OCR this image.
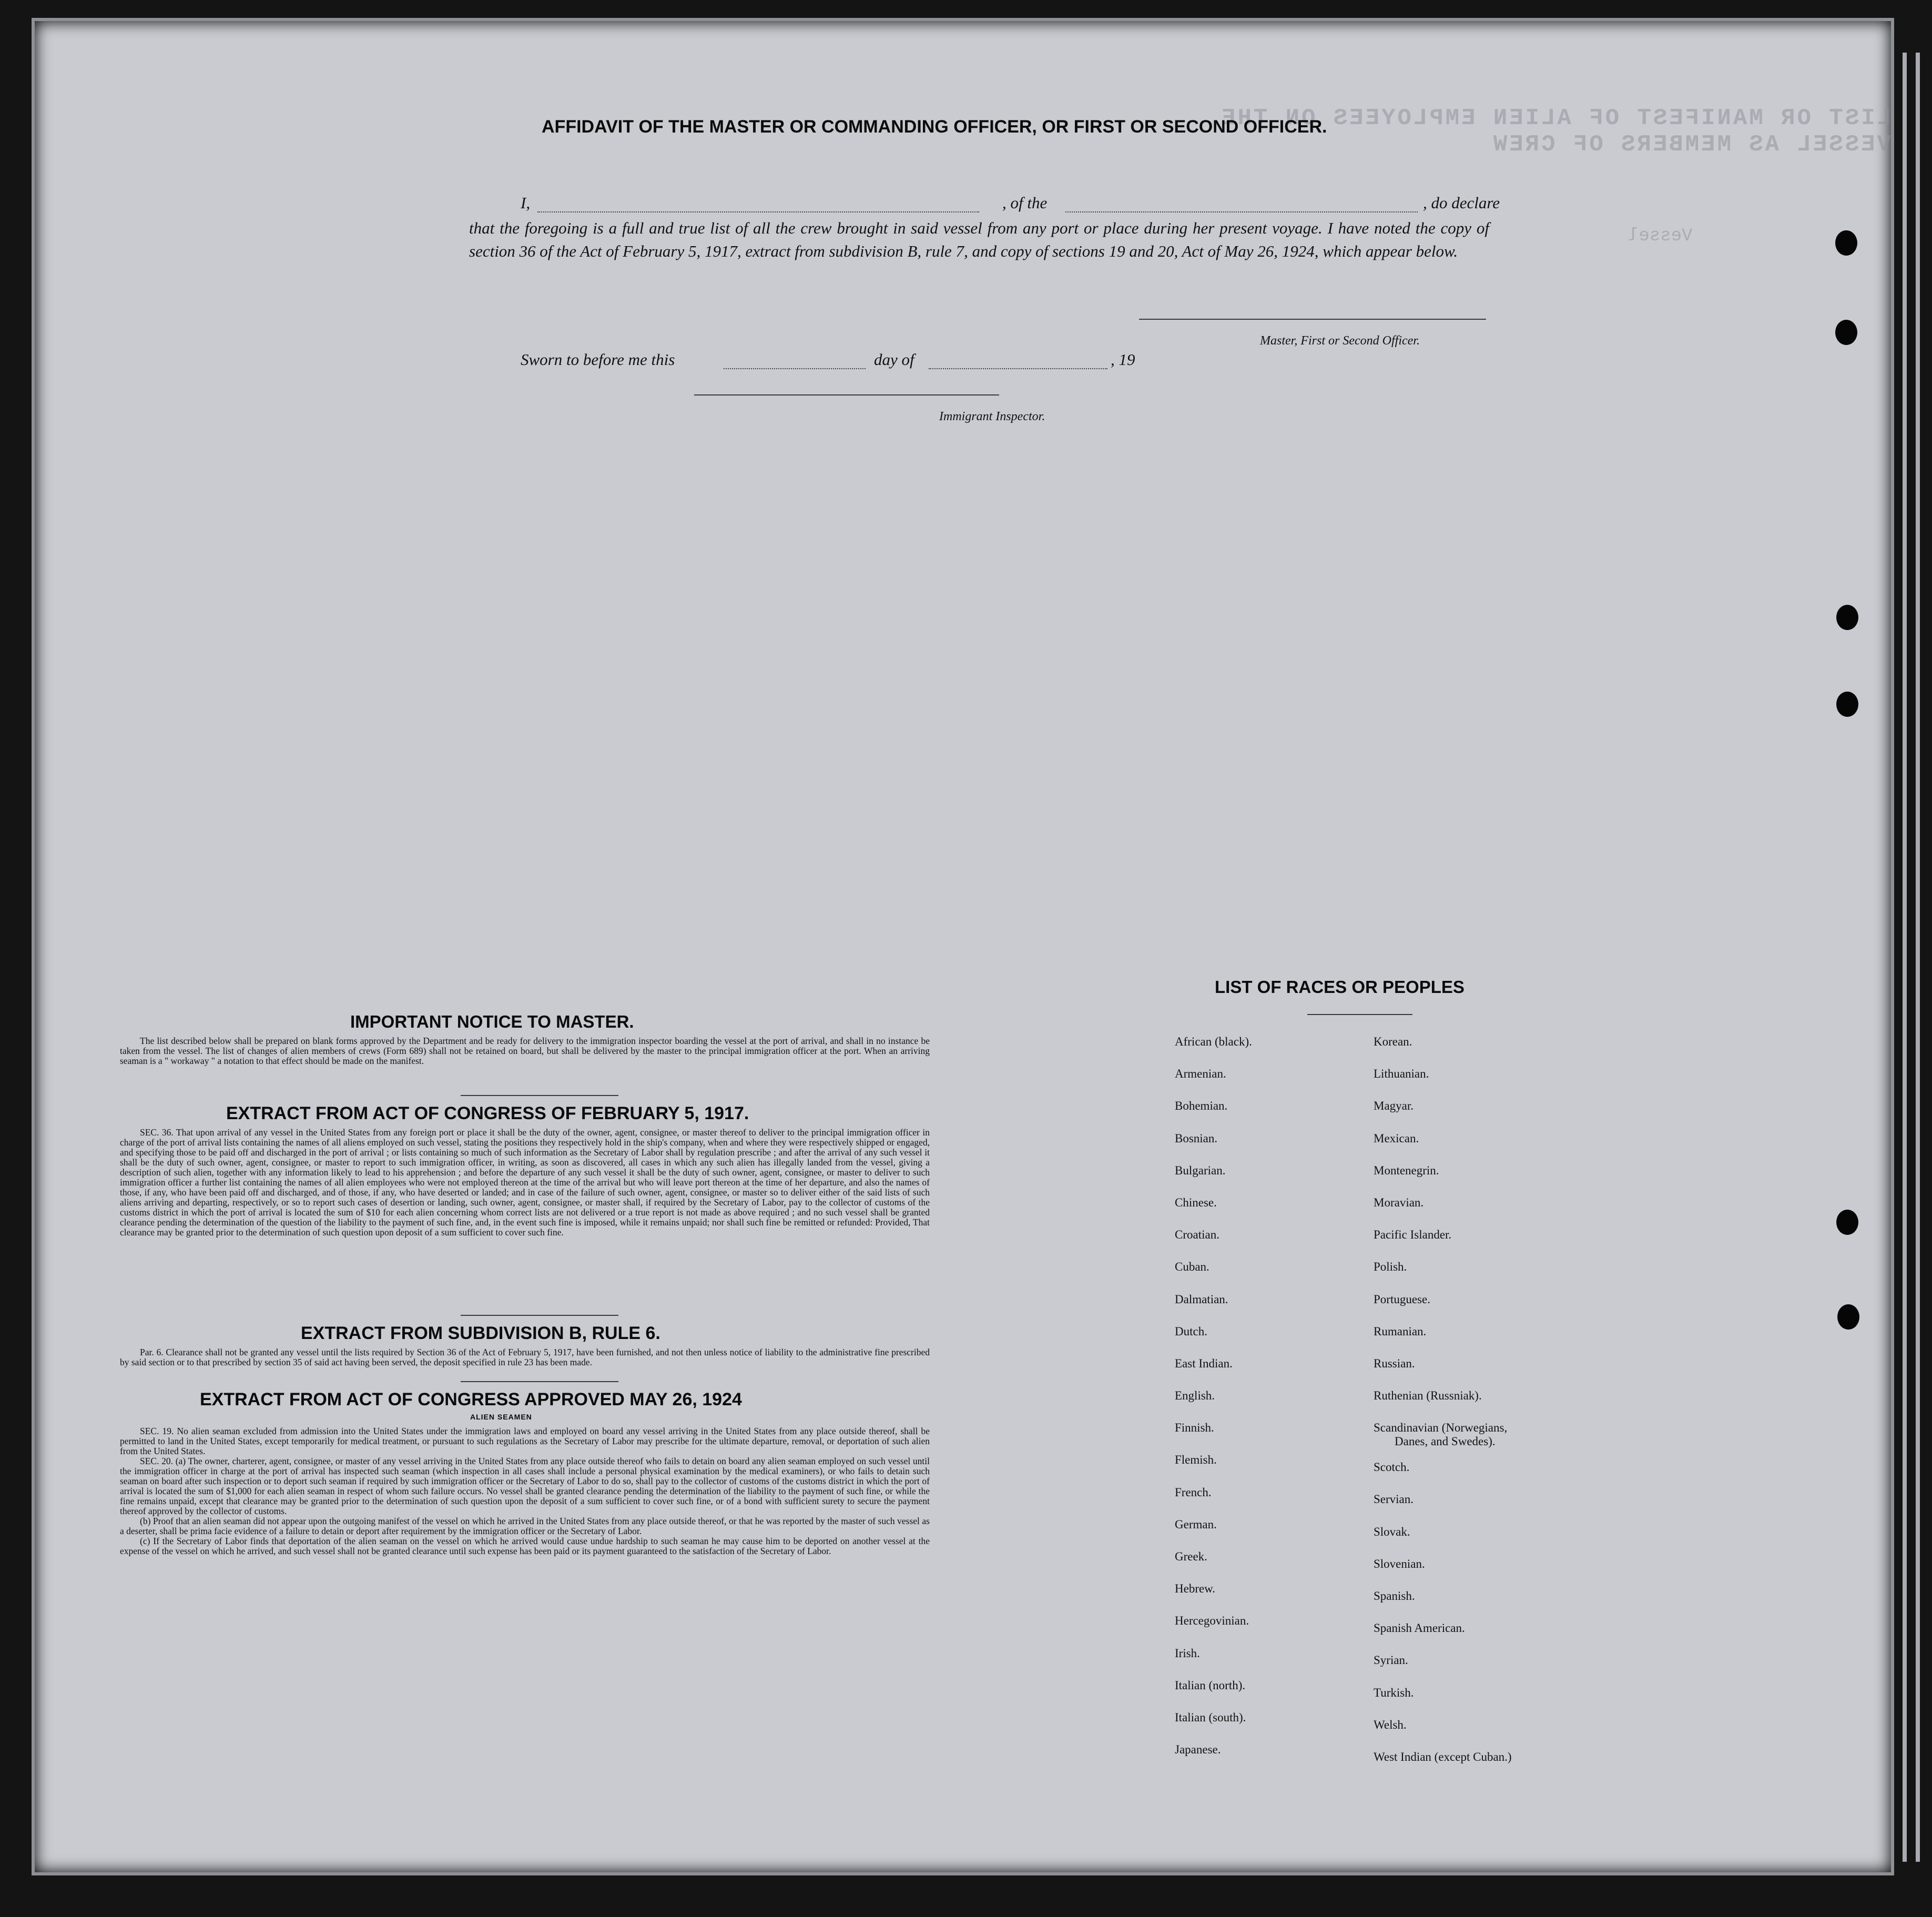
LIST OR MANIFEST OF ALIEN EMPLOYEES ON THE VESSEL AS MEMBERS OF CREW
Vessel
AFFIDAVIT OF THE MASTER OR COMMANDING OFFICER, OR FIRST OR SECOND OFFICER.
I,	, of the	, do declare
that the foregoing is a full and true list of all the crew brought in said vessel from any port or place during her present voyage. I have noted the copy of section 36 of the Act of February 5, 1917, extract from subdivision B, rule 7, and copy of sections 19 and 20, Act of May 26, 1924, which appear below.
Master, First or Second Officer.
Sworn to before me this	day of	, 19
Immigrant Inspector.
IMPORTANT NOTICE TO MASTER.

The list described below shall be prepared on blank forms approved by the Department and be ready for delivery to the immigration inspector boarding the vessel at the port of arrival, and shall in no instance be taken from the vessel. The list of changes of alien members of crews (Form 689) shall not be retained on board, but shall be delivered by the master to the principal immigration officer at the port. When an arriving seaman is a " workaway " a notation to that effect should be made on the manifest.

EXTRACT FROM ACT OF CONGRESS OF FEBRUARY 5, 1917.

SEC. 36. That upon arrival of any vessel in the United States from any foreign port or place it shall be the duty of the owner, agent, consignee, or master thereof to deliver to the principal immigration officer in charge of the port of arrival lists containing the names of all aliens employed on such vessel, stating the positions they respectively hold in the ship's company, when and where they were respectively shipped or engaged, and specifying those to be paid off and discharged in the port of arrival ; or lists containing so much of such information as the Secretary of Labor shall by regulation prescribe ; and after the arrival of any such vessel it shall be the duty of such owner, agent, consignee, or master to report to such immigration officer, in writing, as soon as discovered, all cases in which any such alien has illegally landed from the vessel, giving a description of such alien, together with any information likely to lead to his apprehension ; and before the departure of any such vessel it shall be the duty of such owner, agent, consignee, or master to deliver to such immigration officer a further list containing the names of all alien employees who were not employed thereon at the time of the arrival but who will leave port thereon at the time of her departure, and also the names of those, if any, who have been paid off and discharged, and of those, if any, who have deserted or landed; and in case of the failure of such owner, agent, consignee, or master so to deliver either of the said lists of such aliens arriving and departing, respectively, or so to report such cases of desertion or landing, such owner, agent, consignee, or master shall, if required by the Secretary of Labor, pay to the collector of customs of the customs district in which the port of arrival is located the sum of $10 for each alien concerning whom correct lists are not delivered or a true report is not made as above required ; and no such vessel shall be granted clearance pending the determination of the question of the liability to the payment of such fine, and, in the event such fine is imposed, while it remains unpaid; nor shall such fine be remitted or refunded: Provided, That clearance may be granted prior to the determination of such question upon deposit of a sum sufficient to cover such fine.

EXTRACT FROM SUBDIVISION B, RULE 6.

Par. 6. Clearance shall not be granted any vessel until the lists required by Section 36 of the Act of February 5, 1917, have been furnished, and not then unless notice of liability to the administrative fine prescribed by said section or to that prescribed by section 35 of said act having been served, the deposit specified in rule 23 has been made.

EXTRACT FROM ACT OF CONGRESS APPROVED MAY 26, 1924
ALIEN SEAMEN

SEC. 19. No alien seaman excluded from admission into the United States under the immigration laws and employed on board any vessel arriving in the United States from any place outside thereof, shall be permitted to land in the United States, except temporarily for medical treatment, or pursuant to such regulations as the Secretary of Labor may prescribe for the ultimate departure, removal, or deportation of such alien from the United States.

SEC. 20. (a) The owner, charterer, agent, consignee, or master of any vessel arriving in the United States from any place outside thereof who fails to detain on board any alien seaman employed on such vessel until the immigration officer in charge at the port of arrival has inspected such seaman (which inspection in all cases shall include a personal physical examination by the medical examiners), or who fails to detain such seaman on board after such inspection or to deport such seaman if required by such immigration officer or the Secretary of Labor to do so, shall pay to the collector of customs of the customs district in which the port of arrival is located the sum of $1,000 for each alien seaman in respect of whom such failure occurs. No vessel shall be granted clearance pending the determination of the liability to the payment of such fine, or while the fine remains unpaid, except that clearance may be granted prior to the determination of such question upon the deposit of a sum sufficient to cover such fine, or of a bond with sufficient surety to secure the payment thereof approved by the collector of customs.

(b) Proof that an alien seaman did not appear upon the outgoing manifest of the vessel on which he arrived in the United States from any place outside thereof, or that he was reported by the master of such vessel as a deserter, shall be prima facie evidence of a failure to detain or deport after requirement by the immigration officer or the Secretary of Labor.

(c) If the Secretary of Labor finds that deportation of the alien seaman on the vessel on which he arrived would cause undue hardship to such seaman he may cause him to be deported on another vessel at the expense of the vessel on which he arrived, and such vessel shall not be granted clearance until such expense has been paid or its payment guaranteed to the satisfaction of the Secretary of Labor.

LIST OF RACES OR PEOPLES
African (black).
Armenian.
Bohemian.
Bosnian.
Bulgarian.
Chinese.
Croatian.
Cuban.
Dalmatian.
Dutch.
East Indian.
English.
Finnish.
Flemish.
French.
German.
Greek.
Hebrew.
Hercegovinian.
Irish.
Italian (north).
Italian (south).
Japanese.
Korean.
Lithuanian.
Magyar.
Mexican.
Montenegrin.
Moravian.
Pacific Islander.
Polish.
Portuguese.
Rumanian.
Russian.
Ruthenian (Russniak).
Scandinavian (Norwegians,
Danes, and Swedes).
Scotch.
Servian.
Slovak.
Slovenian.
Spanish.
Spanish American.
Syrian.
Turkish.
Welsh.
West Indian (except Cuban.)
